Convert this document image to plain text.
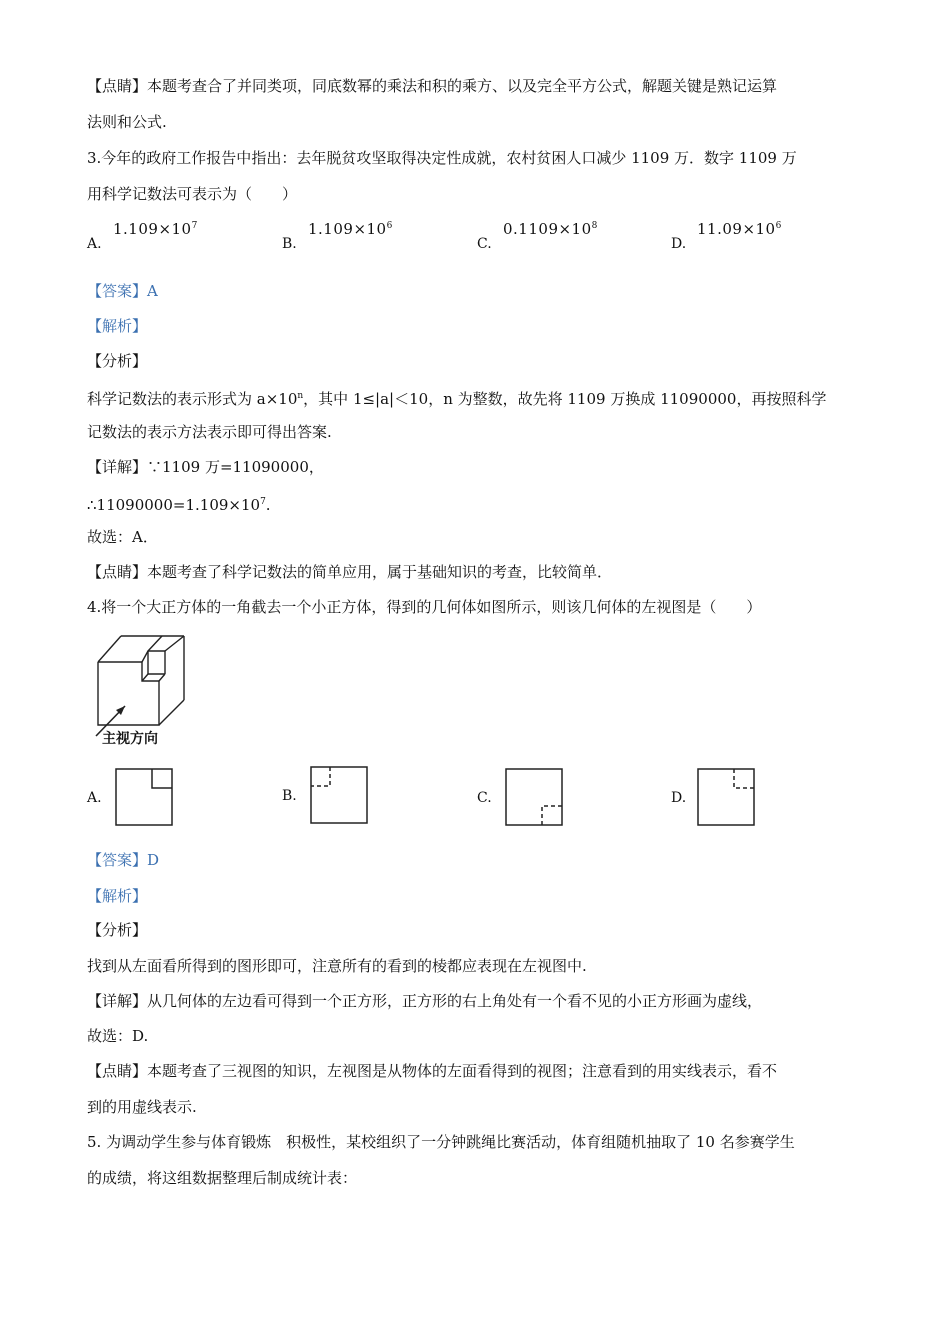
【点睛】本题考查合了并同类项，同底数幂的乘法和积的乘方、以及完全平方公式，解题关键是熟记运算
法则和公式.
3.今年的政府工作报告中指出：去年脱贫攻坚取得决定性成就，农村贫困人口减少 1109 万．数字 1109 万
用科学记数法可表示为（　　）
A.
$1.109\times 10^7$
B.
$1.109\times 10^6$
C.
$0.1109\times 10^8$
D.
$11.09\times 10^6$
【答案】A
【解析】
【分析】
科学记数法的表示形式为 $a\times 10^n$，其中 1≤|a|＜10，n 为整数，故先将 1109 万换成 11090000，再按照科学
记数法的表示方法表示即可得出答案.
【详解】∵1109 万=11090000，
$\therefore 11090000=1.109\times 10^7$.
故选：A．
【点睛】本题考查了科学记数法的简单应用，属于基础知识的考查，比较简单．
4.将一个大正方体的一角截去一个小正方体，得到的几何体如图所示，则该几何体的左视图是（　　）
主视方向
A.	B.	C.	D.
【答案】D
【解析】
【分析】
找到从左面看所得到的图形即可，注意所有的看到的棱都应表现在左视图中.
【详解】从几何体的左边看可得到一个正方形，正方形的右上角处有一个看不见的小正方形画为虚线，
故选：D.
【点睛】本题考查了三视图的知识，左视图是从物体的左面看得到的视图；注意看到的用实线表示，看不
到的用虚线表示.
5. 为调动学生参与体育锻炼　积极性，某校组织了一分钟跳绳比赛活动，体育组随机抽取了 10 名参赛学生
的成绩，将这组数据整理后制成统计表：
